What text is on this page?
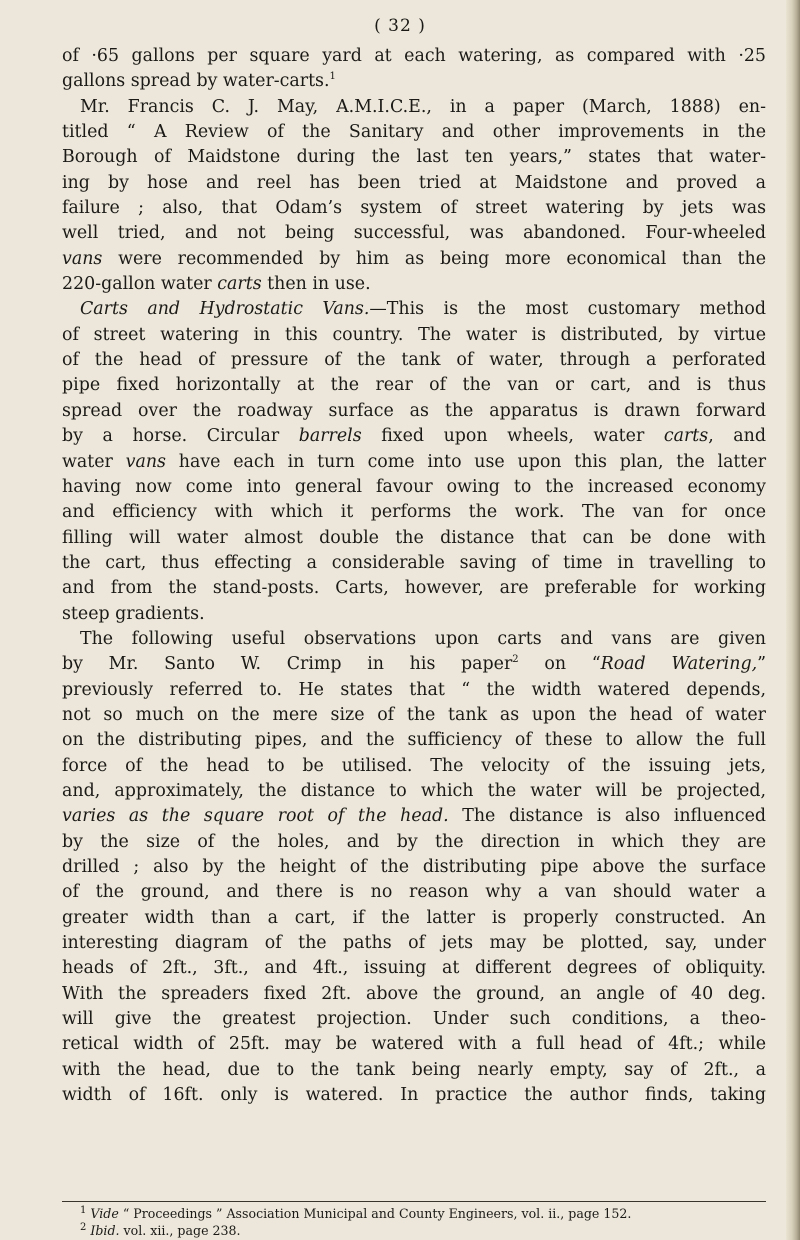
( 32 )
of ·65 gallons per square yard at each watering, as compared with ·25
gallons spread by water-carts.$^1$
Mr. Francis C. J. May, A.M.I.C.E., in a paper (March, 1888) en-
titled “ A Review of the Sanitary and other improvements in the
Borough of Maidstone during the last ten years,” states that water-
ing by hose and reel has been tried at Maidstone and proved a
failure ; also, that Odam’s system of street watering by jets was
well tried, and not being successful, was abandoned. Four-wheeled
vans were recommended by him as being more economical than the
220-gallon water carts then in use.
Carts and Hydrostatic Vans.—This is the most customary method
of street watering in this country. The water is distributed, by virtue
of the head of pressure of the tank of water, through a perforated
pipe fixed horizontally at the rear of the van or cart, and is thus
spread over the roadway surface as the apparatus is drawn forward
by a horse. Circular barrels fixed upon wheels, water carts, and
water vans have each in turn come into use upon this plan, the latter
having now come into general favour owing to the increased economy
and efficiency with which it performs the work. The van for once
filling will water almost double the distance that can be done with
the cart, thus effecting a considerable saving of time in travelling to
and from the stand-posts. Carts, however, are preferable for working
steep gradients.
The following useful observations upon carts and vans are given
by Mr. Santo W. Crimp in his paper$^2$ on “Road Watering,”
previously referred to. He states that “ the width watered depends,
not so much on the mere size of the tank as upon the head of water
on the distributing pipes, and the sufficiency of these to allow the full
force of the head to be utilised. The velocity of the issuing jets,
and, approximately, the distance to which the water will be projected,
varies as the square root of the head. The distance is also influenced
by the size of the holes, and by the direction in which they are
drilled ; also by the height of the distributing pipe above the surface
of the ground, and there is no reason why a van should water a
greater width than a cart, if the latter is properly constructed. An
interesting diagram of the paths of jets may be plotted, say, under
heads of 2ft., 3ft., and 4ft., issuing at different degrees of obliquity.
With the spreaders fixed 2ft. above the ground, an angle of 40 deg.
will give the greatest projection. Under such conditions, a theo-
retical width of 25ft. may be watered with a full head of 4ft.; while
with the head, due to the tank being nearly empty, say of 2ft., a
width of 16ft. only is watered. In practice the author finds, taking
$^1$ Vide “ Proceedings ” Association Municipal and County Engineers, vol. ii., page 152.
$^2$ Ibid. vol. xii., page 238.
